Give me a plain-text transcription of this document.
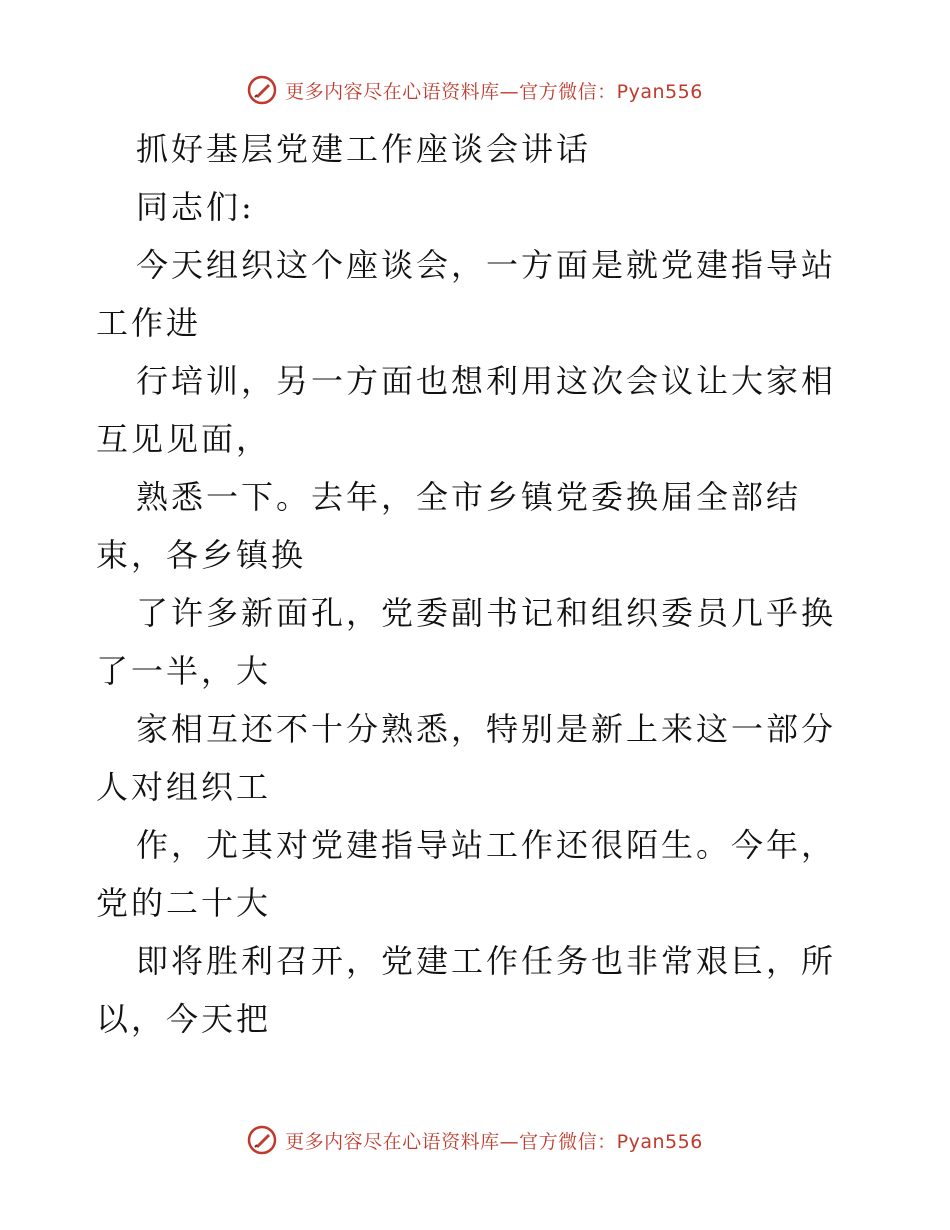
更多内容尽在心语资料库—官方微信：Pyan556

抓好基层党建工作座谈会讲话

同志们:

今天组织这个座谈会，一方面是就党建指导站工作进

行培训，另一方面也想利用这次会议让大家相互见见面，

熟悉一下。去年，全市乡镇党委换届全部结束，各乡镇换

了许多新面孔，党委副书记和组织委员几乎换了一半，大

家相互还不十分熟悉，特别是新上来这一部分人对组织工

作，尤其对党建指导站工作还很陌生。今年，党的二十大

即将胜利召开，党建工作任务也非常艰巨，所以，今天把

更多内容尽在心语资料库—官方微信：Pyan556
